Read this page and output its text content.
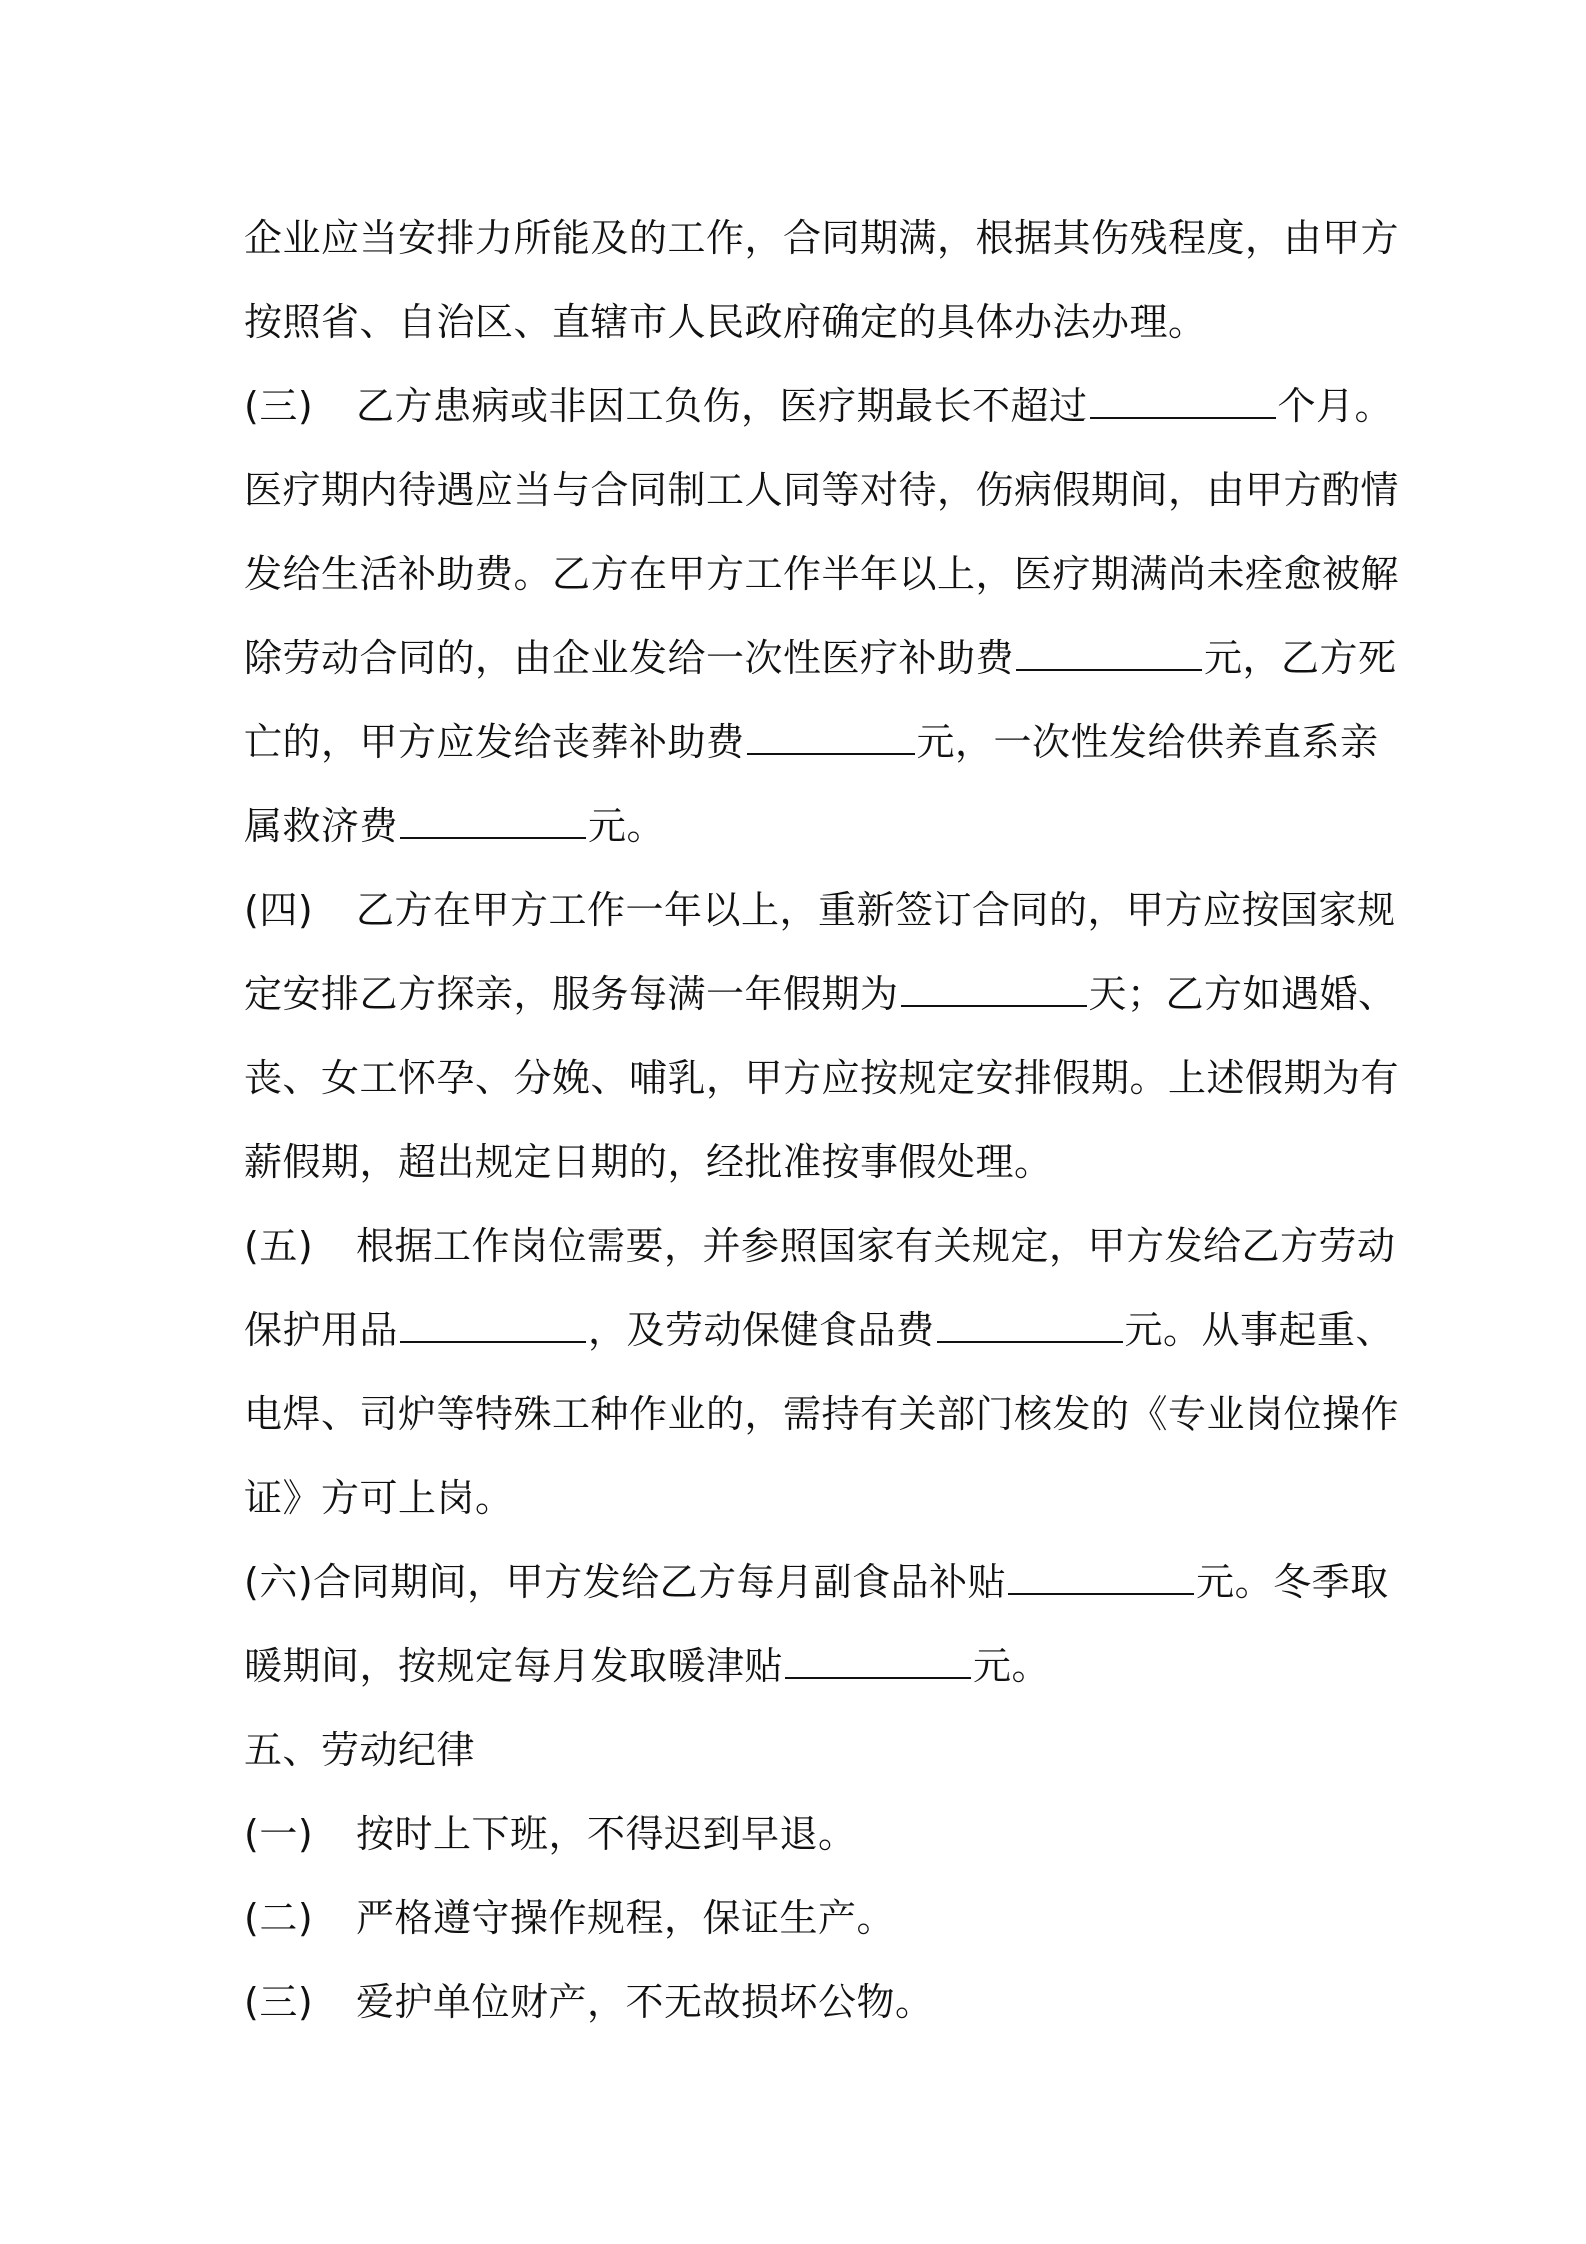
企业应当安排力所能及的工作，合同期满，根据其伤残程度，由甲方
按照省、自治区、直辖市人民政府确定的具体办法办理。
(三) 乙方患病或非因工负伤，医疗期最长不超过	个月。
医疗期内待遇应当与合同制工人同等对待，伤病假期间，由甲方酌情
发给生活补助费。乙方在甲方工作半年以上，医疗期满尚未痊愈被解
除劳动合同的，由企业发给一次性医疗补助费	元，乙方死
亡的，甲方应发给丧葬补助费	元，一次性发给供养直系亲
属救济费	元。
(四) 乙方在甲方工作一年以上，重新签订合同的，甲方应按国家规
定安排乙方探亲，服务每满一年假期为	天；乙方如遇婚、
丧、女工怀孕、分娩、哺乳，甲方应按规定安排假期。上述假期为有
薪假期，超出规定日期的，经批准按事假处理。
(五) 根据工作岗位需要，并参照国家有关规定，甲方发给乙方劳动
保护用品	，及劳动保健食品费	元。从事起重、
电焊、司炉等特殊工种作业的，需持有关部门核发的《专业岗位操作
证》方可上岗。
(六)合同期间，甲方发给乙方每月副食品补贴	元。冬季取
暖期间，按规定每月发取暖津贴	元。
五、劳动纪律
(一) 按时上下班，不得迟到早退。
(二) 严格遵守操作规程，保证生产。
(三) 爱护单位财产，不无故损坏公物。
